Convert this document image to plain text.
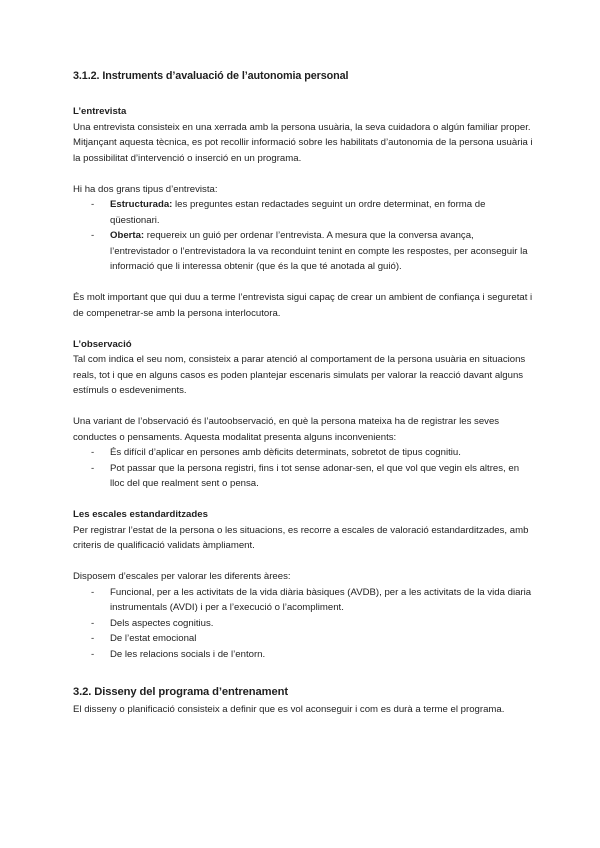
3.1.2. Instruments d’avaluació de l’autonomia personal
L’entrevista

Una entrevista consisteix en una xerrada amb la persona usuària, la seva cuidadora o algún familiar proper. Mitjançant aquesta tècnica, es pot recollir informació sobre les habilitats d’autonomia de la persona usuària i la possibilitat d’intervenció o inserció en un programa.

Hi ha dos grans tipus d’entrevista:

- Estructurada: les preguntes estan redactades seguint un ordre determinat, en forma de qüestionari.
- Oberta: requereix un guió per ordenar l’entrevista. A mesura que la conversa avança, l’entrevistador o l’entrevistadora la va reconduint tenint en compte les respostes, per aconseguir la informació que li interessa obtenir (que és la que té anotada al guió).

És molt important que qui duu a terme l’entrevista sigui capaç de crear un ambient de confiança i seguretat i de compenetrar-se amb la persona interlocutora.

L’observació

Tal com indica el seu nom, consisteix a parar atenció al comportament de la persona usuària en situacions reals, tot i que en alguns casos es poden plantejar escenaris simulats per valorar la reacció davant alguns estímuls o esdeveniments.

Una variant de l’observació és l’autoobservació, en què la persona mateixa ha de registrar les seves conductes o pensaments. Aquesta modalitat presenta alguns inconvenients:

- És difícil d’aplicar en persones amb dèficits determinats, sobretot de tipus cognitiu.
- Pot passar que la persona registri, fins i tot sense adonar-sen, el que vol que vegin els altres, en lloc del que realment sent o pensa.
Les escales estandarditzades

Per registrar l’estat de la persona o les situacions, es recorre a escales de valoració estandarditzades, amb criteris de qualificació validats àmpliament.

Disposem d’escales per valorar les diferents àrees:

- Funcional, per a les activitats de la vida diària bàsiques (AVDB), per a les activitats de la vida diaria instrumentals (AVDI) i per a l’execució o l’acompliment.
- Dels aspectes cognitius.
- De l’estat emocional
- De les relacions socials i de l’entorn.
3.2. Disseny del programa d’entrenament

El disseny o planificació consisteix a definir que es vol aconseguir i com es durà a terme el programa.
